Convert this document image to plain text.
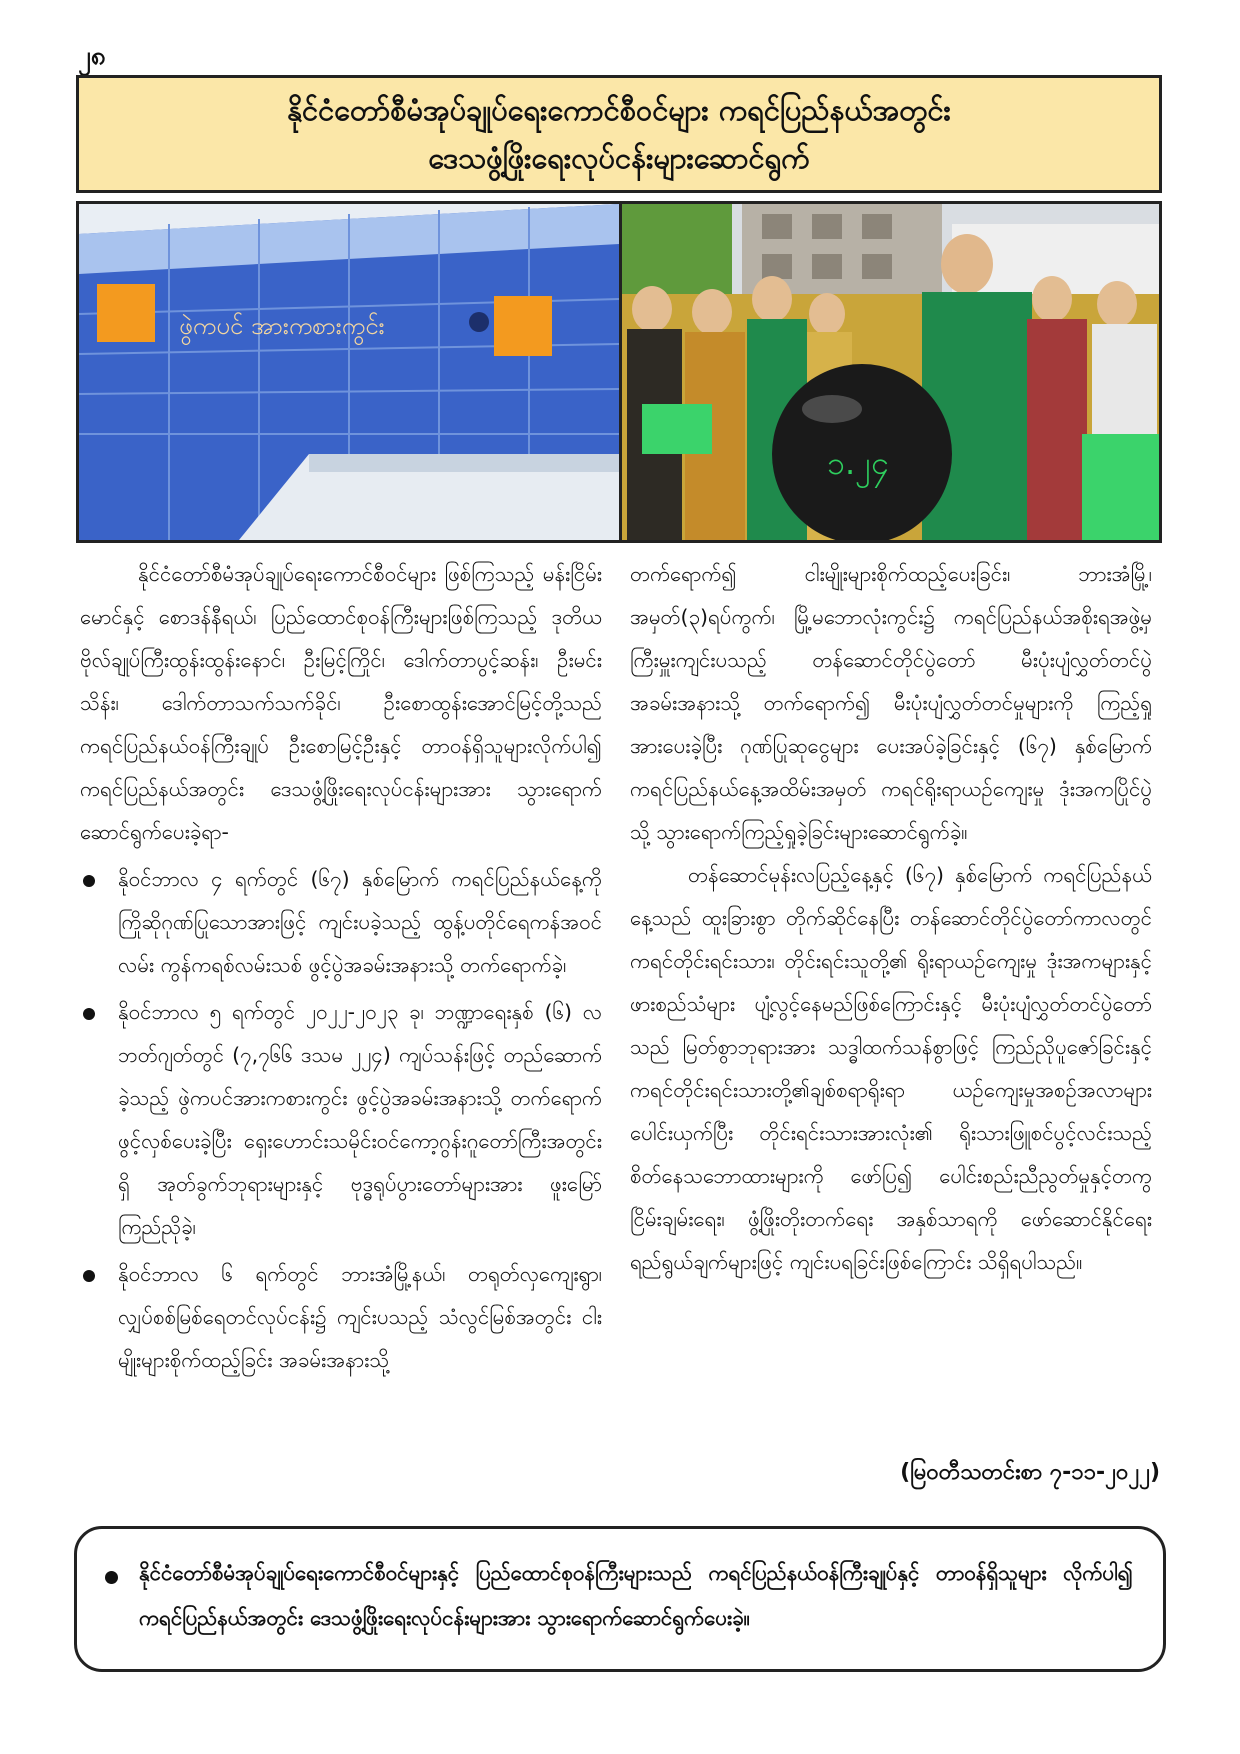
၂၈
နိုင်ငံတော်စီမံအုပ်ချုပ်ရေးကောင်စီဝင်များ ကရင်ပြည်နယ်အတွင်း
ဒေသဖွံ့ဖြိုးရေးလုပ်ငန်းများဆောင်ရွက်
ဖွဲကပင် အားကစားကွင်း
၁.၂၄

နိုင်ငံတော်စီမံအုပ်ချုပ်ရေးကောင်စီဝင်များ ဖြစ်ကြသည့် မန်းငြိမ်းမောင်နှင့် စောဒန်နီရယ်၊ ပြည်ထောင်စုဝန်ကြီးများဖြစ်ကြသည့် ဒုတိယဗိုလ်ချုပ်ကြီးထွန်းထွန်းနောင်၊ ဦးမြင့်ကြိုင်၊ ဒေါက်တာပွင့်ဆန်း၊ ဦးမင်းသိန်း၊ ဒေါက်တာသက်သက်ခိုင်၊ ဦးစောထွန်းအောင်မြင့်တို့သည် ကရင်ပြည်နယ်ဝန်ကြီးချုပ် ဦးစောမြင့်ဦးနှင့် တာဝန်ရှိသူများလိုက်ပါ၍ ကရင်ပြည်နယ်အတွင်း ဒေသဖွံ့ဖြိုးရေးလုပ်ငန်းများအား သွားရောက်ဆောင်ရွက်ပေးခဲ့ရာ-

နိုဝင်ဘာလ ၄ ရက်တွင် (၆၇) နှစ်မြောက် ကရင်ပြည်နယ်နေ့ကို ကြိုဆိုဂုဏ်ပြုသောအားဖြင့် ကျင်းပခဲ့သည့် ထွန့်ပတိုင်ရေကန်အဝင်လမ်း ကွန်ကရစ်လမ်းသစ် ဖွင့်ပွဲအခမ်းအနားသို့ တက်ရောက်ခဲ့၊
နိုဝင်ဘာလ ၅ ရက်တွင် ၂၀၂၂-၂၀၂၃ ခု၊ ဘဏ္ဍာရေးနှစ် (၆) လ ဘတ်ဂျတ်တွင် (၇,၇၆၆ ဒသမ ၂၂၄) ကျပ်သန်းဖြင့် တည်ဆောက်ခဲ့သည့် ဖွဲကပင်အားကစားကွင်း ဖွင့်ပွဲအခမ်းအနားသို့ တက်ရောက်ဖွင့်လှစ်ပေးခဲ့ပြီး ရှေးဟောင်းသမိုင်းဝင်ကော့ဂွန်းဂူတော်ကြီးအတွင်းရှိ အုတ်ခွက်ဘုရားများနှင့် ဗုဒ္ဓရုပ်ပွားတော်များအား ဖူးမြော်ကြည်ညိုခဲ့၊
နိုဝင်ဘာလ ၆ ရက်တွင် ဘားအံမြို့နယ်၊ တရုတ်လှကျေးရွာ၊ လျှပ်စစ်မြစ်ရေတင်လုပ်ငန်း၌ ကျင်းပသည့် သံလွင်မြစ်အတွင်း ငါးမျိုးများစိုက်ထည့်ခြင်း အခမ်းအနားသို့

တက်ရောက်၍ ငါးမျိုးများစိုက်ထည့်ပေးခြင်း၊ ဘားအံမြို့၊ အမှတ်(၃)ရပ်ကွက်၊ မြို့မဘောလုံးကွင်း၌ ကရင်ပြည်နယ်အစိုးရအဖွဲ့မှ ကြီးမှူးကျင်းပသည့် တန်ဆောင်တိုင်ပွဲတော် မီးပုံးပျံလွှတ်တင်ပွဲအခမ်းအနားသို့ တက်ရောက်၍ မီးပုံးပျံလွှတ်တင်မှုများကို ကြည့်ရှုအားပေးခဲ့ပြီး ဂုဏ်ပြုဆုငွေများ ပေးအပ်ခဲ့ခြင်းနှင့် (၆၇) နှစ်မြောက် ကရင်ပြည်နယ်နေ့အထိမ်းအမှတ် ကရင်ရိုးရာယဉ်ကျေးမှု ဒုံးအကပြိုင်ပွဲသို့ သွားရောက်ကြည့်ရှုခဲ့ခြင်းများဆောင်ရွက်ခဲ့။

တန်ဆောင်မုန်းလပြည့်နေ့နှင့် (၆၇) နှစ်မြောက် ကရင်ပြည်နယ်နေ့သည် ထူးခြားစွာ တိုက်ဆိုင်နေပြီး တန်ဆောင်တိုင်ပွဲတော်ကာလတွင် ကရင်တိုင်းရင်းသား၊ တိုင်းရင်းသူတို့၏ ရိုးရာယဉ်ကျေးမှု ဒုံးအကများနှင့် ဖားစည်သံများ ပျံ့လွင့်နေမည်ဖြစ်ကြောင်းနှင့် မီးပုံးပျံလွှတ်တင်ပွဲတော်သည် မြတ်စွာဘုရားအား သဒ္ဓါထက်သန်စွာဖြင့် ကြည်ညိုပူဇော်ခြင်းနှင့် ကရင်တိုင်းရင်းသားတို့၏ချစ်စရာရိုးရာ ယဉ်ကျေးမှုအစဉ်အလာများ ပေါင်းယှက်ပြီး တိုင်းရင်းသားအားလုံး၏ ရိုးသားဖြူစင်ပွင့်လင်းသည့် စိတ်နေသဘောထားများကို ဖော်ပြ၍ ပေါင်းစည်းညီညွတ်မှုနှင့်တကွ ငြိမ်းချမ်းရေး၊ ဖွံ့ဖြိုးတိုးတက်ရေး အနှစ်သာရကို ဖော်ဆောင်နိုင်ရေး ရည်ရွယ်ချက်များဖြင့် ကျင်းပရခြင်းဖြစ်ကြောင်း သိရှိရပါသည်။

(မြဝတီသတင်းစာ ၇-၁၁-၂၀၂၂)
နိုင်ငံတော်စီမံအုပ်ချုပ်ရေးကောင်စီဝင်များနှင့် ပြည်ထောင်စုဝန်ကြီးများသည် ကရင်ပြည်နယ်ဝန်ကြီးချုပ်နှင့် တာဝန်ရှိသူများ လိုက်ပါ၍ ကရင်ပြည်နယ်အတွင်း ဒေသဖွံ့ဖြိုးရေးလုပ်ငန်းများအား သွားရောက်ဆောင်ရွက်ပေးခဲ့။
